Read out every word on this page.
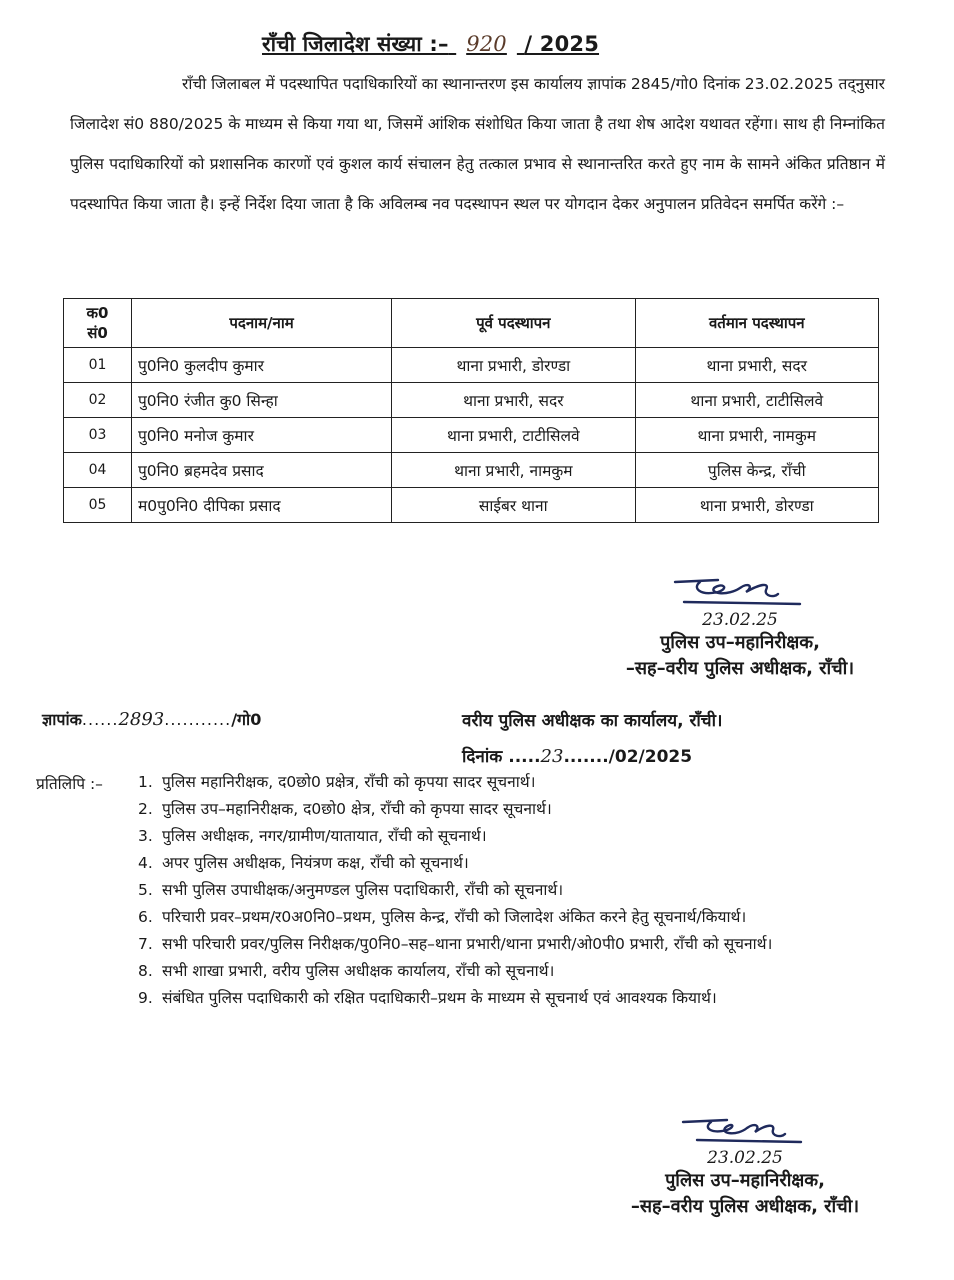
राँची जिलादेश संख्या :– 920 / 2025

राँची जिलाबल में पदस्थापित पदाधिकारियों का स्थानान्तरण इस कार्यालय ज्ञापांक 2845/गो0 दिनांक 23.02.2025 तद्नुसार जिलादेश सं0 880/2025 के माध्यम से किया गया था, जिसमें आंशिक संशोधित किया जाता है तथा शेष आदेश यथावत रहेंगा। साथ ही निम्नांकित पुलिस पदाधिकारियों को प्रशासनिक कारणों एवं कुशल कार्य संचालन हेतु तत्काल प्रभाव से स्थानान्तरित करते हुए नाम के सामने अंकित प्रतिष्ठान में पदस्थापित किया जाता है। इन्हें निर्देश दिया जाता है कि अविलम्ब नव पदस्थापन स्थल पर योगदान देकर अनुपालन प्रतिवेदन समर्पित करेंगे :–

क0
सं0	पदनाम/नाम	पूर्व पदस्थापन	वर्तमान पदस्थापन
01	पु0नि0 कुलदीप कुमार	थाना प्रभारी, डोरण्डा	थाना प्रभारी, सदर
02	पु0नि0 रंजीत कु0 सिन्हा	थाना प्रभारी, सदर	थाना प्रभारी, टाटीसिलवे
03	पु0नि0 मनोज कुमार	थाना प्रभारी, टाटीसिलवे	थाना प्रभारी, नामकुम
04	पु0नि0 ब्रहमदेव प्रसाद	थाना प्रभारी, नामकुम	पुलिस केन्द्र, राँची
05	म0पु0नि0 दीपिका प्रसाद	साईबर थाना	थाना प्रभारी, डोरण्डा
23.02.25
पुलिस उप–महानिरीक्षक,
–सह–वरीय पुलिस अधीक्षक, राँची।
ज्ञापांक......2893.........../गो0	वरीय पुलिस अधीक्षक का कार्यालय, राँची।
दिनांक .....23......./02/2025
प्रतिलिपि :– 1. पुलिस महानिरीक्षक, द0छो0 प्रक्षेत्र, राँची को कृपया सादर सूचनार्थ।
2. पुलिस उप–महानिरीक्षक, द0छो0 क्षेत्र, राँची को कृपया सादर सूचनार्थ।
3. पुलिस अधीक्षक, नगर/ग्रामीण/यातायात, राँची को सूचनार्थ।
4. अपर पुलिस अधीक्षक, नियंत्रण कक्ष, राँची को सूचनार्थ।
5. सभी पुलिस उपाधीक्षक/अनुमण्डल पुलिस पदाधिकारी, राँची को सूचनार्थ।
6. परिचारी प्रवर–प्रथम/र0अ0नि0–प्रथम, पुलिस केन्द्र, राँची को जिलादेश अंकित करने हेतु सूचनार्थ/कियार्थ।
7. सभी परिचारी प्रवर/पुलिस निरीक्षक/पु0नि0–सह–थाना प्रभारी/थाना प्रभारी/ओ0पी0 प्रभारी, राँची को सूचनार्थ।
8. सभी शाखा प्रभारी, वरीय पुलिस अधीक्षक कार्यालय, राँची को सूचनार्थ।
9. संबंधित पुलिस पदाधिकारी को रक्षित पदाधिकारी–प्रथम के माध्यम से सूचनार्थ एवं आवश्यक कियार्थ।
23.02.25
पुलिस उप–महानिरीक्षक,
–सह–वरीय पुलिस अधीक्षक, राँची।
